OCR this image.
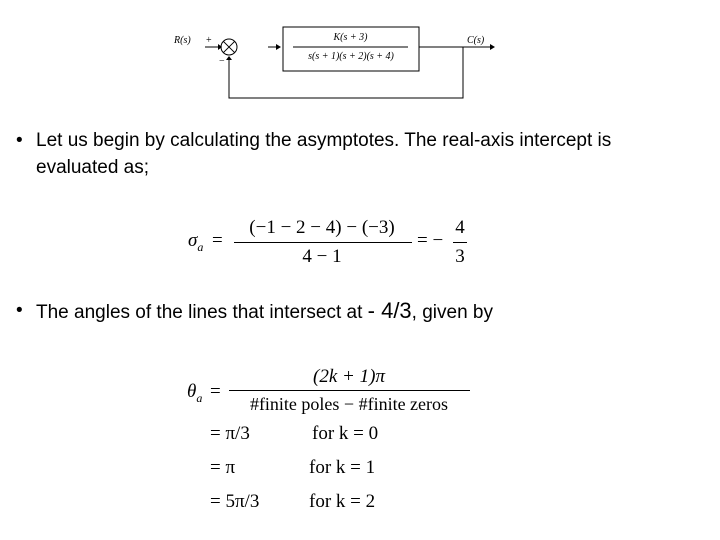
R(s) +
−
K(s + 3)
s(s + 1)(s + 2)(s + 4)
C(s)
• Let us begin by calculating the asymptotes. The real-axis intercept is
evaluated as;
$\sigma_a$ =
(−1 − 2 − 4) − (−3)
4 − 1
= −
4
3
• The angles of the lines that intersect at - 4/3, given by
$\theta_a$ =
(2k + 1)π
#finite poles − #finite zeros
= π/3	for k = 0
= π	for k = 1
= 5π/3	for k = 2
